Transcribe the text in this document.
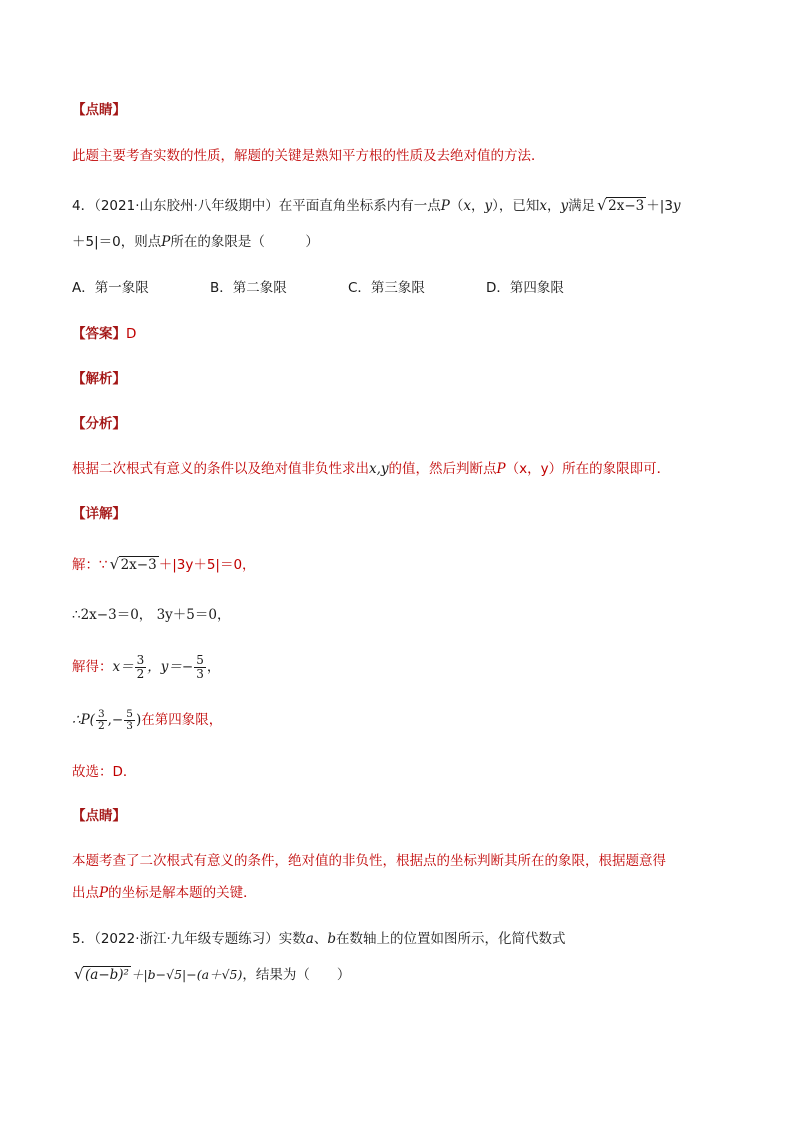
【点睛】
此题主要考查实数的性质，解题的关键是熟知平方根的性质及去绝对值的方法．
4．（2021·山东胶州·八年级期中）在平面直角坐标系内有一点P（x，y），已知x，y满足 √ 2x−3 ＋|3y
＋5|＝0，则点P所在的象限是（　　　）
A．第一象限	B．第二象限	C．第三象限	D．第四象限
【答案】D
【解析】
【分析】
根据二次根式有意义的条件以及绝对值非负性求出x,y的值，然后判断点P（x，y）所在的象限即可．
【详解】
解：∵ √ 2x−3 ＋|3y＋5|＝0，
∴2x−3＝0， 3y＋5＝0，
解得：$x= \frac{3}{2}$ ，$y=- \frac{5}{3}$ ，
∴P( $\frac{3}{2}$ ,− $\frac{5}{3}$ )在第四象限，
故选：D．
【点睛】
本题考查了二次根式有意义的条件，绝对值的非负性，根据点的坐标判断其所在的象限，根据题意得
出点P的坐标是解本题的关键．
5．（2022·浙江·九年级专题练习）实数a、b在数轴上的位置如图所示，化简代数式
√ (a−b)² ＋|b−√5|−(a＋√5)，结果为（　　）
